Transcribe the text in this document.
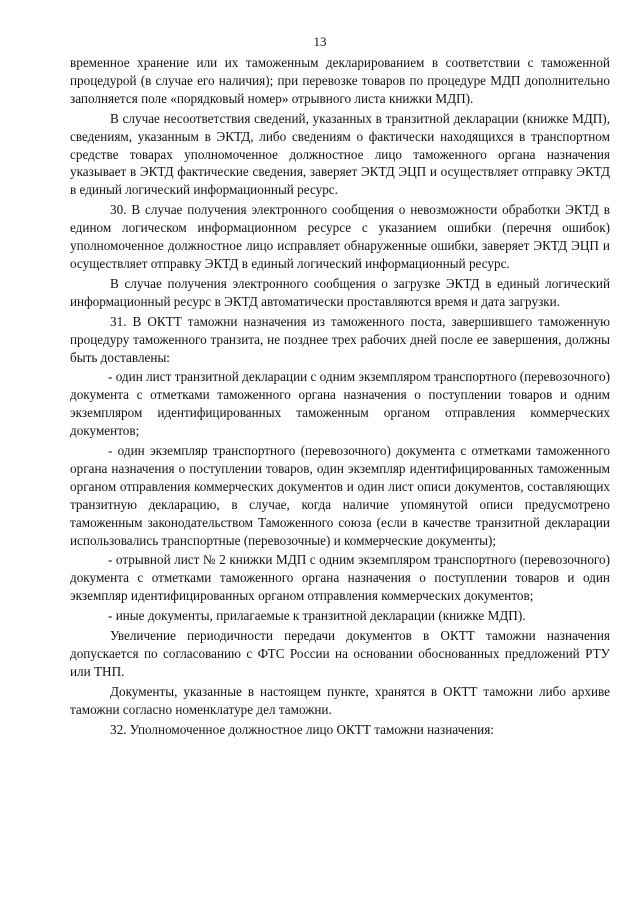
13

временное хранение или их таможенным декларированием в соответствии с таможенной процедурой (в случае его наличия); при перевозке товаров по процедуре МДП дополнительно заполняется поле «порядковый номер» отрывного листа книжки МДП).

В случае несоответствия сведений, указанных в транзитной декларации (книжке МДП), сведениям, указанным в ЭКТД, либо сведениям о фактически находящихся в транспортном средстве товарах уполномоченное должностное лицо таможенного органа назначения указывает в ЭКТД фактические сведения, заверяет ЭКТД ЭЦП и осуществляет отправку ЭКТД в единый логический информационный ресурс.

30. В случае получения электронного сообщения о невозможности обработки ЭКТД в едином логическом информационном ресурсе с указанием ошибки (перечня ошибок) уполномоченное должностное лицо исправляет обнаруженные ошибки, заверяет ЭКТД ЭЦП и осуществляет отправку ЭКТД в единый логический информационный ресурс.

В случае получения электронного сообщения о загрузке ЭКТД в единый логический информационный ресурс в ЭКТД автоматически проставляются время и дата загрузки.

31. В ОКТТ таможни назначения из таможенного поста, завершившего таможенную процедуру таможенного транзита, не позднее трех рабочих дней после ее завершения, должны быть доставлены:

- один лист транзитной декларации с одним экземпляром транспортного (перевозочного) документа с отметками таможенного органа назначения о поступлении товаров и одним экземпляром идентифицированных таможенным органом отправления коммерческих документов;

- один экземпляр транспортного (перевозочного) документа с отметками таможенного органа назначения о поступлении товаров, один экземпляр идентифицированных таможенным органом отправления коммерческих документов и один лист описи документов, составляющих транзитную декларацию, в случае, когда наличие упомянутой описи предусмотрено таможенным законодательством Таможенного союза (если в качестве транзитной декларации использовались транспортные (перевозочные) и коммерческие документы);

- отрывной лист № 2 книжки МДП с одним экземпляром транспортного (перевозочного) документа с отметками таможенного органа назначения о поступлении товаров и один экземпляр идентифицированных органом отправления коммерческих документов;

- иные документы, прилагаемые к транзитной декларации (книжке МДП).

Увеличение периодичности передачи документов в ОКТТ таможни назначения допускается по согласованию с ФТС России на основании обоснованных предложений РТУ или ТНП.

Документы, указанные в настоящем пункте, хранятся в ОКТТ таможни либо архиве таможни согласно номенклатуре дел таможни.

32. Уполномоченное должностное лицо ОКТТ таможни назначения:
